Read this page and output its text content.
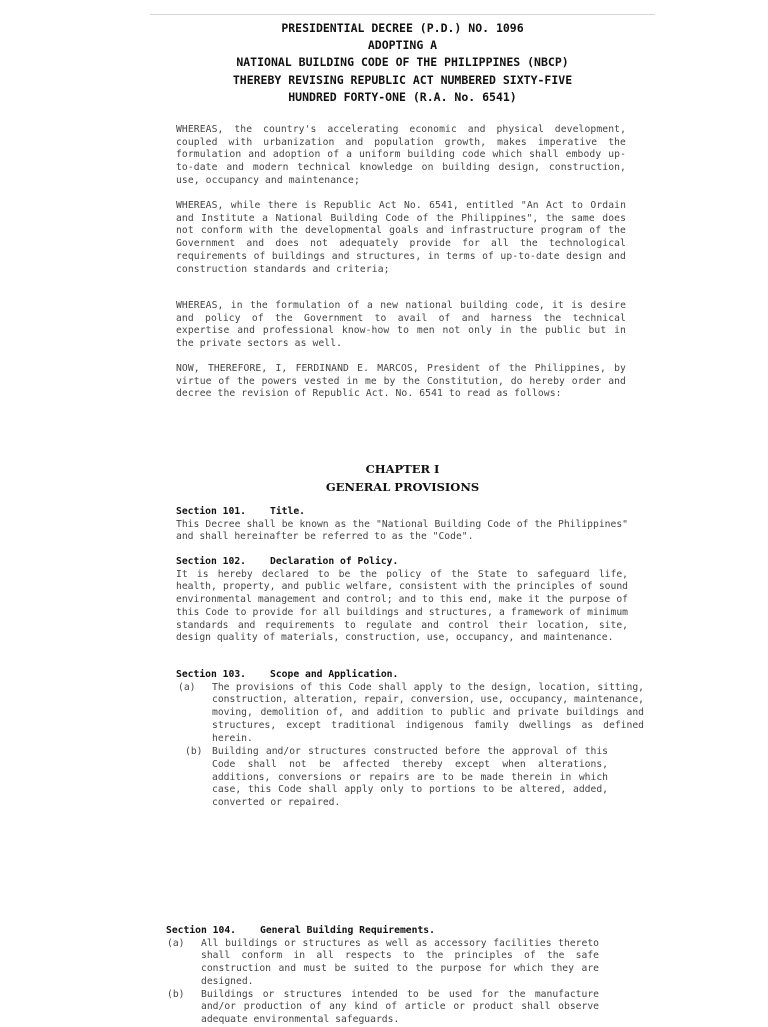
PRESIDENTIAL DECREE (P.D.) NO. 1096
ADOPTING A
NATIONAL BUILDING CODE OF THE PHILIPPINES (NBCP)
THEREBY REVISING REPUBLIC ACT NUMBERED SIXTY-FIVE
HUNDRED FORTY-ONE (R.A. No. 6541)
WHEREAS, the country's accelerating economic and physical development, coupled with urbanization and population growth, makes imperative the formulation and adoption of a uniform building code which shall embody up-to-date and modern technical knowledge on building design, construction, use, occupancy and maintenance;
WHEREAS, while there is Republic Act No. 6541, entitled "An Act to Ordain and Institute a National Building Code of the Philippines", the same does not conform with the developmental goals and infrastructure program of the Government and does not adequately provide for all the technological requirements of buildings and structures, in terms of up-to-date design and construction standards and criteria;
WHEREAS, in the formulation of a new national building code, it is desire and policy of the Government to avail of and harness the technical expertise and professional know-how to men not only in the public but in the private sectors as well.
NOW, THEREFORE, I, FERDINAND E. MARCOS, President of the Philippines, by virtue of the powers vested in me by the Constitution, do hereby order and decree the revision of Republic Act. No. 6541 to read as follows:
CHAPTER I
GENERAL PROVISIONS
Section 101. Title.
This Decree shall be known as the "National Building Code of the Philippines" and shall hereinafter be referred to as the "Code".
Section 102. Declaration of Policy.
It is hereby declared to be the policy of the State to safeguard life, health, property, and public welfare, consistent with the principles of sound environmental management and control; and to this end, make it the purpose of this Code to provide for all buildings and structures, a framework of minimum standards and requirements to regulate and control their location, site, design quality of materials, construction, use, occupancy, and maintenance.
Section 103. Scope and Application.
(a) The provisions of this Code shall apply to the design, location, sitting, construction, alteration, repair, conversion, use, occupancy, maintenance, moving, demolition of, and addition to public and private buildings and structures, except traditional indigenous family dwellings as defined herein.
(b) Building and/or structures constructed before the approval of this Code shall not be affected thereby except when alterations, additions, conversions or repairs are to be made therein in which case, this Code shall apply only to portions to be altered, added, converted or repaired.
Section 104. General Building Requirements.
(a) All buildings or structures as well as accessory facilities thereto shall conform in all respects to the principles of the safe construction and must be suited to the purpose for which they are designed.
(b) Buildings or structures intended to be used for the manufacture and/or production of any kind of article or product shall observe adequate environmental safeguards.
